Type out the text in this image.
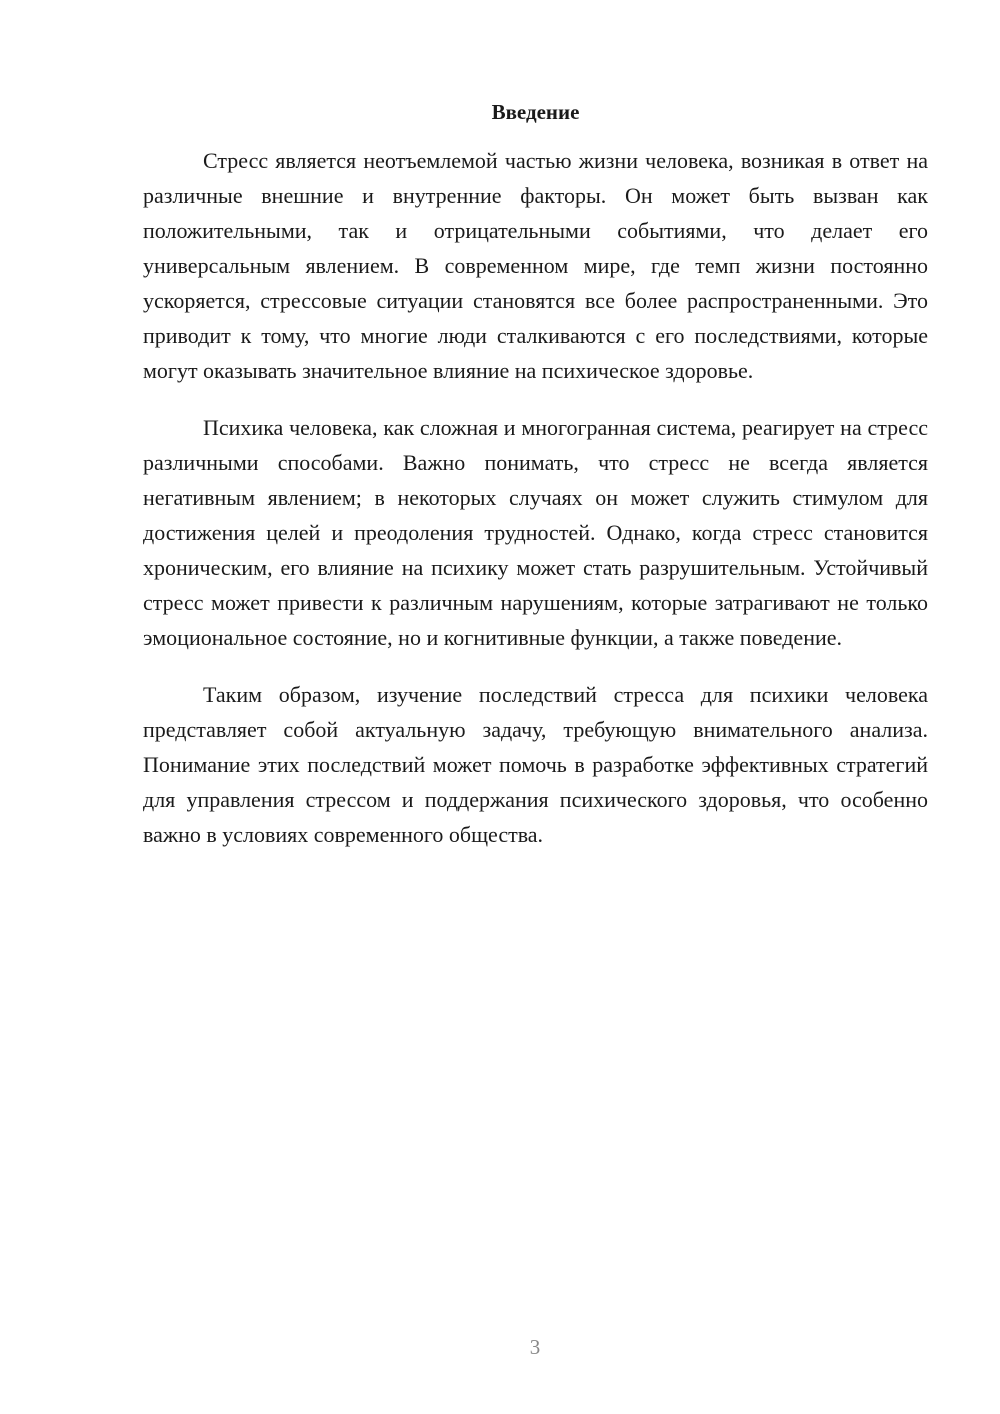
Введение

Стресс является неотъемлемой частью жизни человека, возникая в ответ на различные внешние и внутренние факторы. Он может быть вызван как положительными, так и отрицательными событиями, что делает его универсальным явлением. В современном мире, где темп жизни постоянно ускоряется, стрессовые ситуации становятся все более распространенными. Это приводит к тому, что многие люди сталкиваются с его последствиями, которые могут оказывать значительное влияние на психическое здоровье.

Психика человека, как сложная и многогранная система, реагирует на стресс различными способами. Важно понимать, что стресс не всегда является негативным явлением; в некоторых случаях он может служить стимулом для достижения целей и преодоления трудностей. Однако, когда стресс становится хроническим, его влияние на психику может стать разрушительным. Устойчивый стресс может привести к различным нарушениям, которые затрагивают не только эмоциональное состояние, но и когнитивные функции, а также поведение.

Таким образом, изучение последствий стресса для психики человека представляет собой актуальную задачу, требующую внимательного анализа. Понимание этих последствий может помочь в разработке эффективных стратегий для управления стрессом и поддержания психического здоровья, что особенно важно в условиях современного общества.

3
